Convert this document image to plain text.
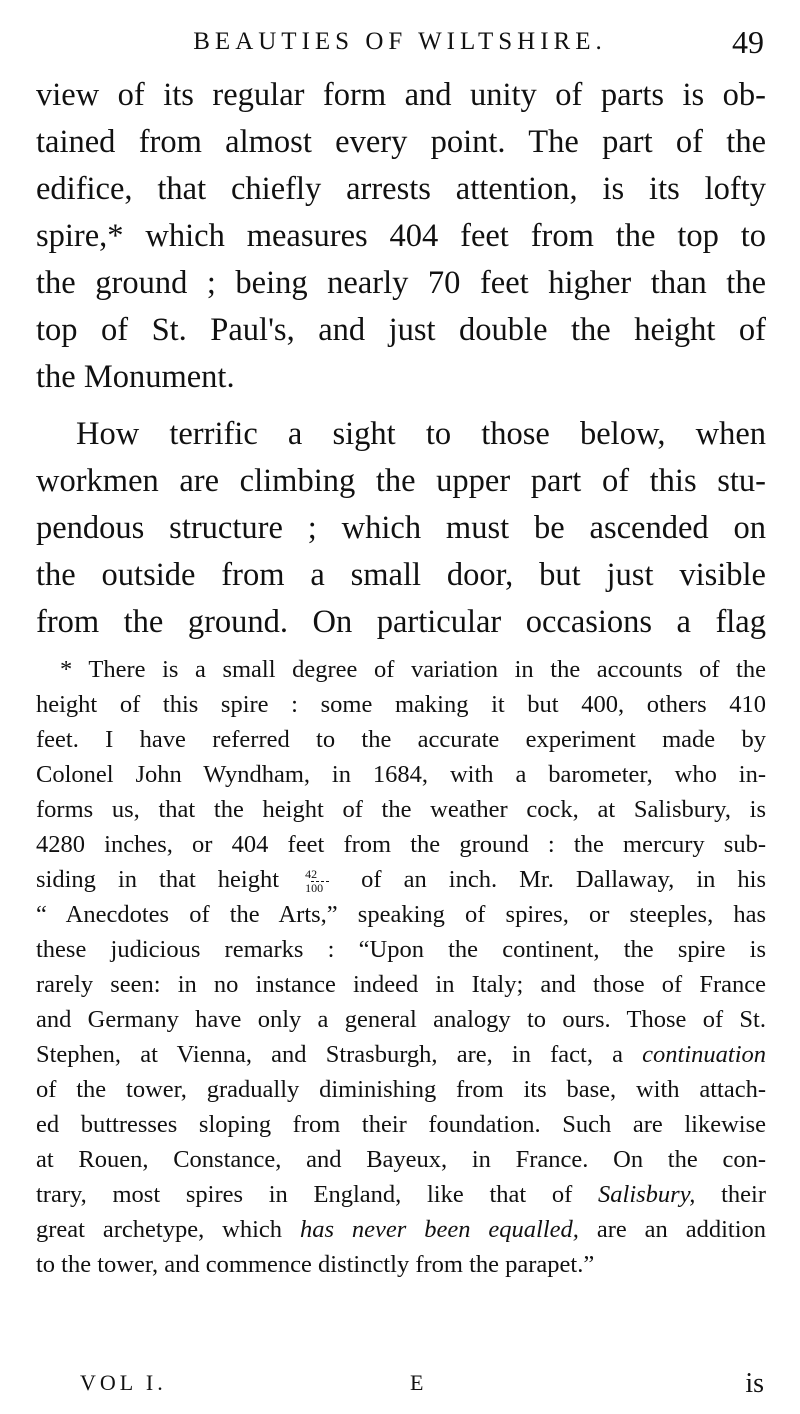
BEAUTIES OF WILTSHIRE.	49
view of its regular form and unity of parts is ob-
tained from almost every point. The part of the
edifice, that chiefly arrests attention, is its lofty
spire,* which measures 404 feet from the top to
the ground ; being nearly 70 feet higher than the
top of St. Paul's, and just double the height of
the Monument.
How terrific a sight to those below, when
workmen are climbing the upper part of this stu-
pendous structure ; which must be ascended on
the outside from a small door, but just visible
from the ground. On particular occasions a flag
* There is a small degree of variation in the accounts of the
height of this spire : some making it but 400, others 410
feet. I have referred to the accurate experiment made by
Colonel John Wyndham, in 1684, with a barometer, who in-
forms us, that the height of the weather cock, at Salisbury, is
4280 inches, or 404 feet from the ground : the mercury sub-
siding in that height $\frac{42}{100}$ of an inch. Mr. Dallaway, in his
“ Anecdotes of the Arts,” speaking of spires, or steeples, has
these judicious remarks : “Upon the continent, the spire is
rarely seen: in no instance indeed in Italy; and those of France
and Germany have only a general analogy to ours. Those of St.
Stephen, at Vienna, and Strasburgh, are, in fact, a continuation
of the tower, gradually diminishing from its base, with attach-
ed buttresses sloping from their foundation. Such are likewise
at Rouen, Constance, and Bayeux, in France. On the con-
trary, most spires in England, like that of Salisbury, their
great archetype, which has never been equalled, are an addition
to the tower, and commence distinctly from the parapet.”
VOL I.	E	is
